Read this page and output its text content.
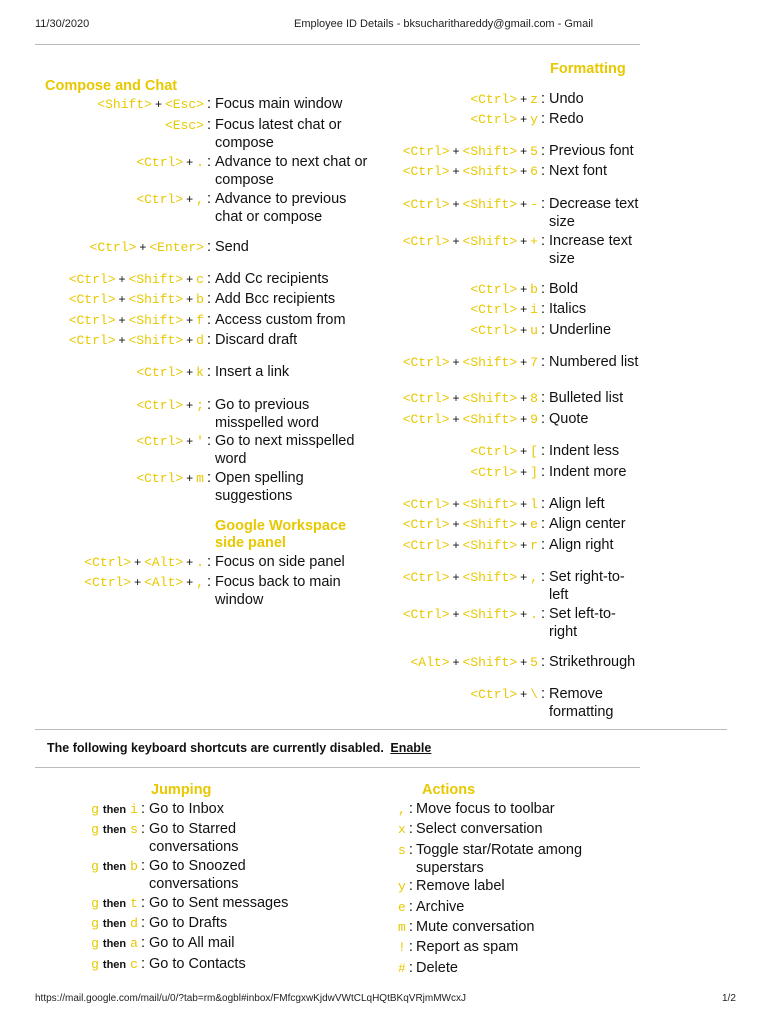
11/30/2020	Employee ID Details - bksucharithareddy@gmail.com - Gmail
https://mail.google.com/mail/u/0/?tab=rm&ogbl#inbox/FMfcgxwKjdwVWtCLqHQtBKqVRjmMWcxJ	1/2
Compose and Chat
Google Workspace side panel
Formatting
Jumping	Actions
<Shift> + <Esc> : Focus main window
<Esc> : Focus latest chat or compose
<Ctrl> + . : Advance to next chat or compose
<Ctrl> + , : Advance to previous chat or compose
<Ctrl> + <Enter> : Send
<Ctrl> + <Shift> + c : Add Cc recipients
<Ctrl> + <Shift> + b : Add Bcc recipients
<Ctrl> + <Shift> + f : Access custom from
<Ctrl> + <Shift> + d : Discard draft
<Ctrl> + k : Insert a link
<Ctrl> + ; : Go to previous misspelled word
<Ctrl> + ' : Go to next misspelled word
<Ctrl> + m : Open spelling suggestions
<Ctrl> + <Alt> + . : Focus on side panel
<Ctrl> + <Alt> + , : Focus back to main window
<Ctrl> + z : Undo
<Ctrl> + y : Redo
<Ctrl> + <Shift> + 5 : Previous font
<Ctrl> + <Shift> + 6 : Next font
<Ctrl> + <Shift> + - : Decrease text size
<Ctrl> + <Shift> + + : Increase text size
<Ctrl> + b : Bold
<Ctrl> + i : Italics
<Ctrl> + u : Underline
<Ctrl> + <Shift> + 7 : Numbered list
<Ctrl> + <Shift> + 8 : Bulleted list
<Ctrl> + <Shift> + 9 : Quote
<Ctrl> + [ : Indent less
<Ctrl> + ] : Indent more
<Ctrl> + <Shift> + l : Align left
<Ctrl> + <Shift> + e : Align center
<Ctrl> + <Shift> + r : Align right
<Ctrl> + <Shift> + , : Set right-to-left
<Ctrl> + <Shift> + . : Set left-to-right
<Alt> + <Shift> + 5 : Strikethrough
<Ctrl> + \ : Remove formatting
g then i : Go to Inbox
g then s : Go to Starred conversations
g then b : Go to Snoozed conversations
g then t : Go to Sent messages
g then d : Go to Drafts
g then a : Go to All mail
g then c : Go to Contacts
, : Move focus to toolbar
x : Select conversation
s : Toggle star/Rotate among superstars
y : Remove label
e : Archive
m : Mute conversation
! : Report as spam
# : Delete
The following keyboard shortcuts are currently disabled. Enable
